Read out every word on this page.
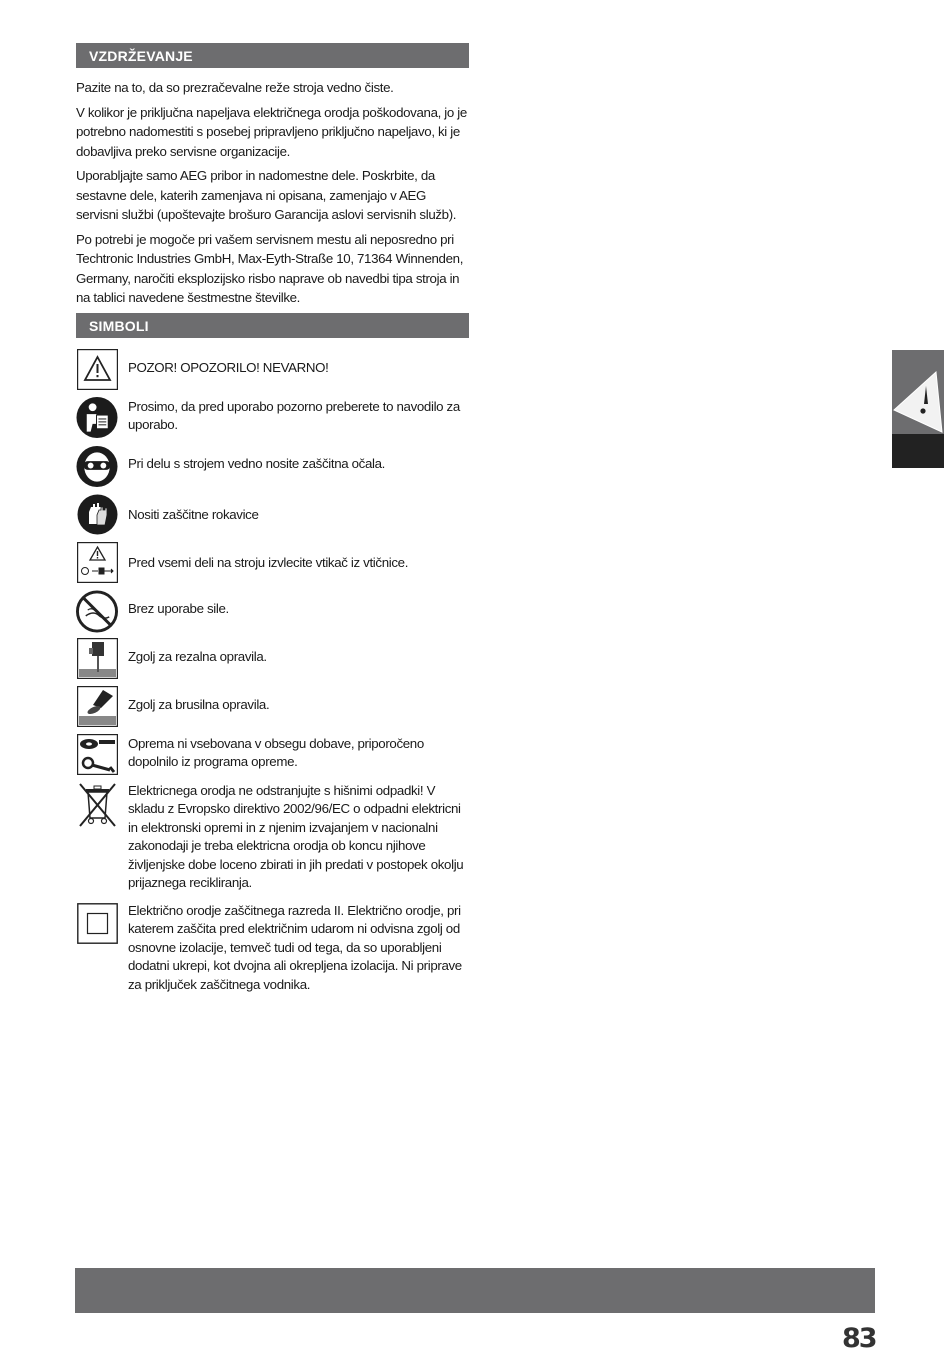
VZDRŽEVANJE

Pazite na to, da so prezračevalne reže stroja vedno čiste.

V kolikor je priključna napeljava električnega orodja poškodovana, jo je potrebno nadomestiti s posebej pripravljeno priključno napeljavo, ki je dobavljiva preko servisne organizacije.

Uporabljajte samo AEG pribor in nadomestne dele. Poskrbite, da sestavne dele, katerih zamenjava ni opisana, zamenjajo v AEG servisni službi (upoštevajte brošuro Garancija aslovi servisnih služb).

Po potrebi je mogoče pri vašem servisnem mestu ali neposredno pri Techtronic Industries GmbH, Max-Eyth-Straße 10, 71364 Winnenden, Germany, naročiti eksplozijsko risbo naprave ob navedbi tipa stroja in na tablici navedene šestmestne številke.

SIMBOLI
POZOR! OPOZORILO! NEVARNO!
Prosimo, da pred uporabo pozorno preberete to navodilo za uporabo.
Pri delu s strojem vedno nosite zaščitna očala.
Nositi zaščitne rokavice
Pred vsemi deli na stroju izvlecite vtikač iz vtičnice.
Brez uporabe sile.
Zgolj za rezalna opravila.
Zgolj za brusilna opravila.
Oprema ni vsebovana v obsegu dobave, priporočeno dopolnilo iz programa opreme.
Elektricnega orodja ne odstranjujte s hišnimi odpadki! V skladu z Evropsko direktivo 2002/96/EC o odpadni elektricni in elektronski opremi in z njenim izvajanjem v nacionalni zakonodaji je treba elektricna orodja ob koncu njihove življenjske dobe loceno zbirati in jih predati v postopek okolju prijaznega recikliranja.
Električno orodje zaščitnega razreda II. Električno orodje, pri katerem zaščita pred električnim udarom ni odvisna zgolj od osnovne izolacije, temveč tudi od tega, da so uporabljeni dodatni ukrepi, kot dvojna ali okrepljena izolacija. Ni priprave za priključek zaščitnega vodnika.
83
